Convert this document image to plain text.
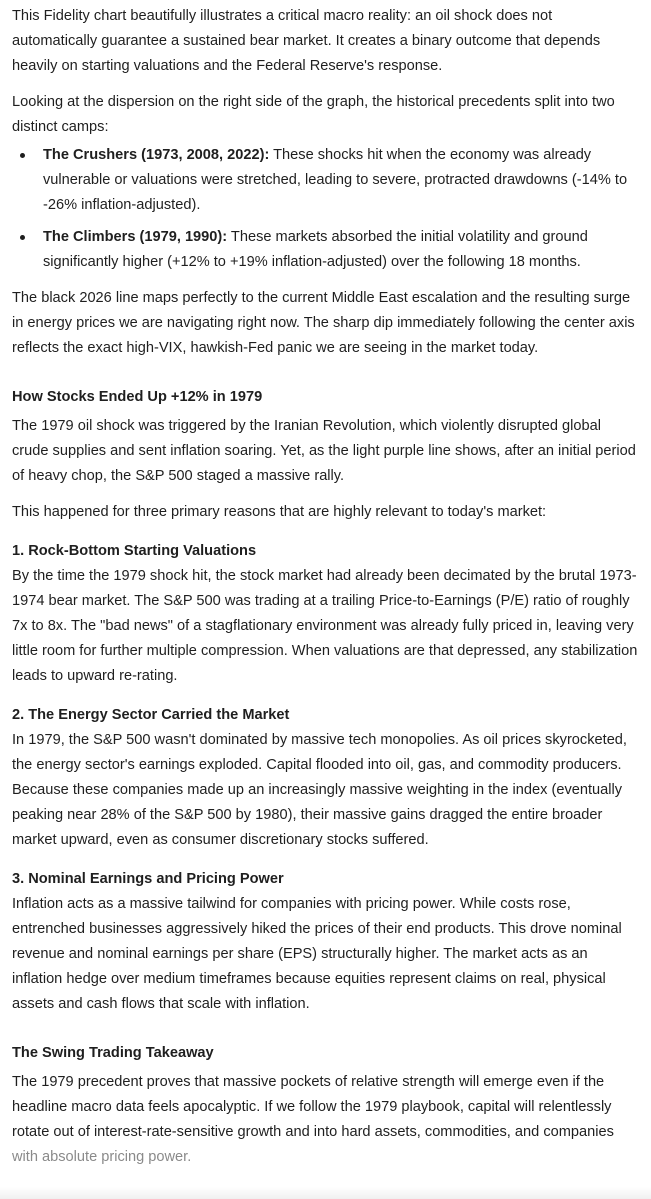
This Fidelity chart beautifully illustrates a critical macro reality: an oil shock does not automatically guarantee a sustained bear market. It creates a binary outcome that depends heavily on starting valuations and the Federal Reserve's response.

Looking at the dispersion on the right side of the graph, the historical precedents split into two distinct camps:

The Crushers (1973, 2008, 2022): These shocks hit when the economy was already vulnerable or valuations were stretched, leading to severe, protracted drawdowns (-14% to -26% inflation-adjusted).
The Climbers (1979, 1990): These markets absorbed the initial volatility and ground significantly higher (+12% to +19% inflation-adjusted) over the following 18 months.

The black 2026 line maps perfectly to the current Middle East escalation and the resulting surge in energy prices we are navigating right now. The sharp dip immediately following the center axis reflects the exact high-VIX, hawkish-Fed panic we are seeing in the market today.

How Stocks Ended Up +12% in 1979

The 1979 oil shock was triggered by the Iranian Revolution, which violently disrupted global crude supplies and sent inflation soaring. Yet, as the light purple line shows, after an initial period of heavy chop, the S&P 500 staged a massive rally.

This happened for three primary reasons that are highly relevant to today's market:

1. Rock-Bottom Starting Valuations

By the time the 1979 shock hit, the stock market had already been decimated by the brutal 1973-1974 bear market. The S&P 500 was trading at a trailing Price-to-Earnings (P/E) ratio of roughly 7x to 8x. The "bad news" of a stagflationary environment was already fully priced in, leaving very little room for further multiple compression. When valuations are that depressed, any stabilization leads to upward re-rating.

2. The Energy Sector Carried the Market

In 1979, the S&P 500 wasn't dominated by massive tech monopolies. As oil prices skyrocketed, the energy sector's earnings exploded. Capital flooded into oil, gas, and commodity producers. Because these companies made up an increasingly massive weighting in the index (eventually peaking near 28% of the S&P 500 by 1980), their massive gains dragged the entire broader market upward, even as consumer discretionary stocks suffered.

3. Nominal Earnings and Pricing Power

Inflation acts as a massive tailwind for companies with pricing power. While costs rose, entrenched businesses aggressively hiked the prices of their end products. This drove nominal revenue and nominal earnings per share (EPS) structurally higher. The market acts as an inflation hedge over medium timeframes because equities represent claims on real, physical assets and cash flows that scale with inflation.

The Swing Trading Takeaway

The 1979 precedent proves that massive pockets of relative strength will emerge even if the headline macro data feels apocalyptic. If we follow the 1979 playbook, capital will relentlessly rotate out of interest-rate-sensitive growth and into hard assets, commodities, and companies with absolute pricing power.
